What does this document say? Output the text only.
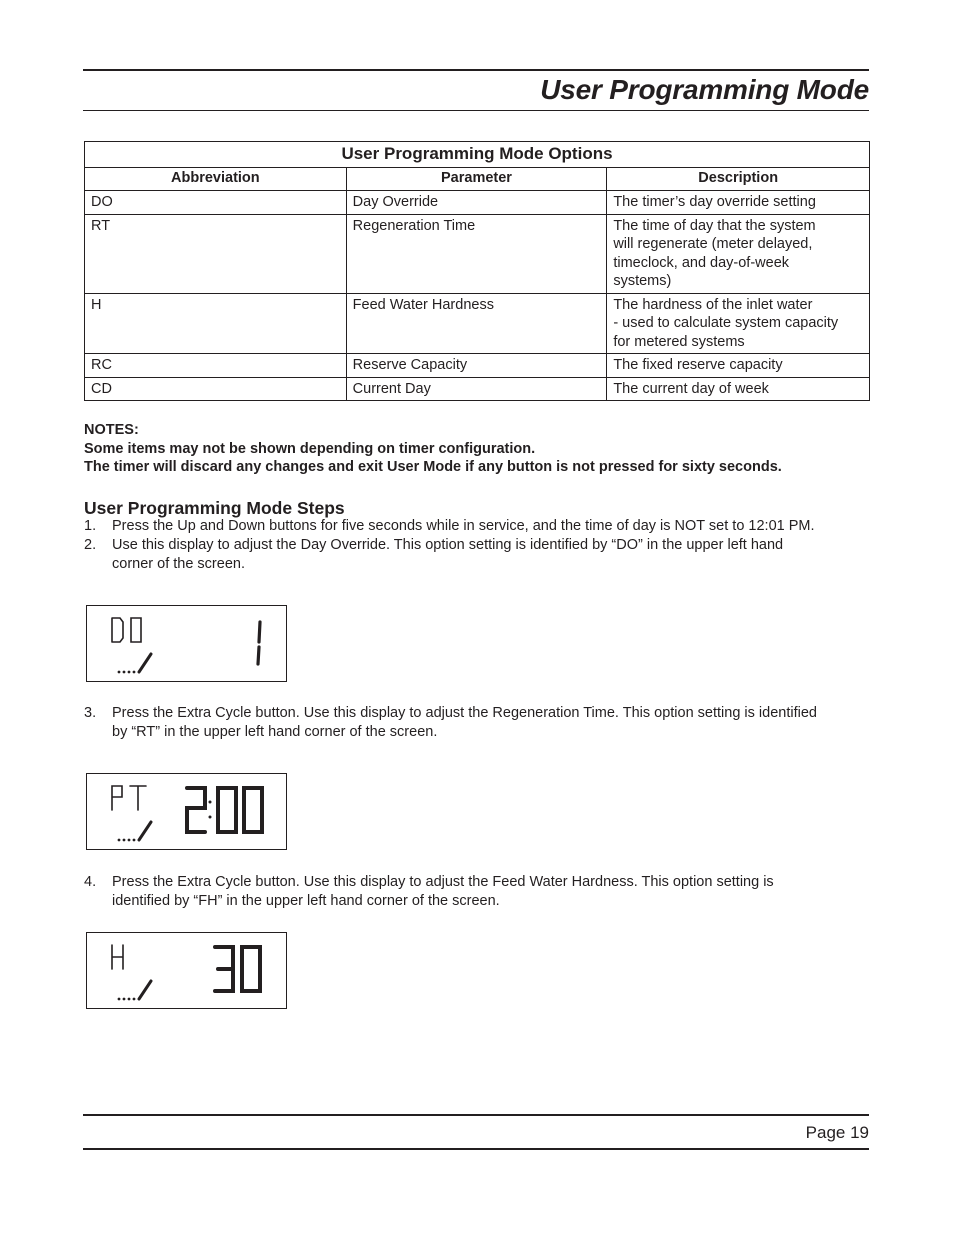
User Programming Mode
User Programming Mode Options		
Abbreviation	Parameter	Description
DO	Day Override	The timer’s day override setting
RT	Regeneration Time	The time of day that the system
will regenerate (meter delayed,
timeclock, and day-of-week
systems)

H	Feed Water Hardness	The hardness of the inlet water
- used to calculate system capacity
for metered systems

RC	Reserve Capacity	The fixed reserve capacity
CD	Current Day	The current day of week
NOTES:
Some items may not be shown depending on timer configuration.
The timer will discard any changes and exit User Mode if any button is not pressed for sixty seconds.
User Programming Mode Steps
1. Press the Up and Down buttons for five seconds while in service, and the time of day is NOT set to 12:01 PM.
2. Use this display to adjust the Day Override. This option setting is identified by “DO” in the upper left hand
corner of the screen.
3. Press the Extra Cycle button. Use this display to adjust the Regeneration Time. This option setting is identified
by “RT” in the upper left hand corner of the screen.
4. Press the Extra Cycle button. Use this display to adjust the Feed Water Hardness. This option setting is
identified by “FH” in the upper left hand corner of the screen.
Page 19
